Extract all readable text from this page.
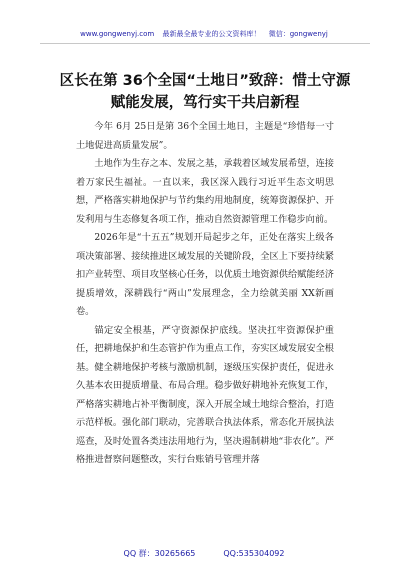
www.gongwenyj.com 最新最全最专业的公文资料库！ 微信：gongwenyj
区长在第 36个全国“土地日”致辞：惜土守源赋能发展，笃行实干共启新程

今年 6月 25日是第 36个全国土地日，主题是“珍惜每一寸土地促进高质量发展”。

土地作为生存之本、发展之基，承载着区域发展希望，连接着万家民生福祉。一直以来，我区深入践行习近平生态文明思想，严格落实耕地保护与节约集约用地制度，统筹资源保护、开发利用与生态修复各项工作，推动自然资源管理工作稳步向前。

2026年是“十五五”规划开局起步之年，正处在落实上级各项决策部署、接续推进区域发展的关键阶段，全区上下要持续紧扣产业转型、项目攻坚核心任务，以优质土地资源供给赋能经济提质增效，深耕践行“两山”发展理念，全力绘就美丽 XX新画卷。

锚定安全根基，严守资源保护底线。坚决扛牢资源保护重任，把耕地保护和生态管护作为重点工作，夯实区域发展安全根基。健全耕地保护考核与激励机制，逐级压实保护责任，促进永久基本农田提质增量、布局合理。稳步做好耕地补充恢复工作，严格落实耕地占补平衡制度，深入开展全域土地综合整治，打造示范样板。强化部门联动，完善联合执法体系，常态化开展执法巡查，及时处置各类违法用地行为，坚决遏制耕地“非农化”。严格推进督察问题整改，实行台账销号管理并落

QQ 群：30265665	QQ:535304092
